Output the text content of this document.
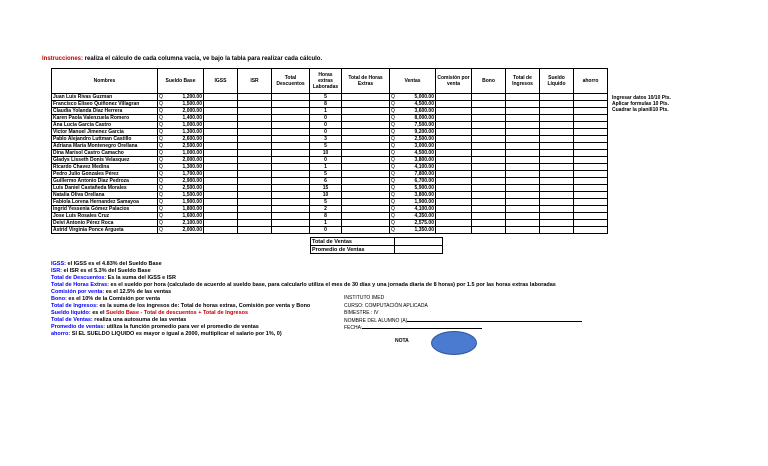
Instrucciones: realiza el cálculo de cada columna vacía, ve bajo la tabla para realizar cada cálculo.
Nombres	Sueldo Base	IGSS	ISR	Total Descuentos	Horas extras Laboradas	Total de Horas Extras	Ventas	Comisión por venta	Bono	Total de Ingresos	Sueldo Líquido	ahorro
Juan Luis Rivas Guzman	Q 1,200.00				5		Q 5,000.00					

Francisco Eliseo Quiñonez Villagran	Q 1,500.00				8		Q 4,500.00					

Claudia Yolanda Diaz Herrera	Q 2,000.00				1		Q 3,600.00					

Karen Paola Valenzuela Romero	Q 1,400.00				0		Q 8,000.00					

Ana Lucia García Castro	Q 1,000.00				0		Q 7,500.00					

Victor Manuel Jimenez García	Q 1,300.00				0		Q 9,200.00					

Pablo Alejandro Luttman Castillo	Q 2,600.00				3		Q 2,500.00					

Adriana María Montenegro Orellana	Q 2,500.00				5		Q 3,000.00					

Dina Marisol Castro Camacho	Q 1,000.00				10		Q 4,500.00					

Gladys Lisseth Donis Velasquez	Q 2,000.00				0		Q 3,800.00					

Ricardo Chavez Medina	Q 1,300.00				1		Q 4,100.00					

Pedro Julio Gonzales Pérez	Q 1,700.00				5		Q 7,800.00					

Guillermo Antonio Diaz Pedroza	Q 2,900.00				6		Q 6,700.00					

Luis Daniel Castañeda Morales	Q 2,500.00				15		Q 5,900.00					

Natalia Oliva Orellana	Q 1,500.00				10		Q 3,800.00					

Fabiola Lorena Hernandez Samayoa	Q 1,900.00				5		Q 1,900.00					

Ingrid Yessenia Gómez Palacios	Q 1,800.00				2		Q 4,100.00					

Jose Luis Rosales Cruz	Q 1,600.00				8		Q 4,350.00					

Deivi Antonio Pérez Roca	Q 2,100.00				1		Q 2,575.00					

Astrid Virginia Ponce Argueta	Q 2,000.00				0		Q 1,350.00					

Ingresar datos 10/10 Pts.
Aplicar formulas 10 Pts.
Cuadrar la planill10 Pts.
Total de Ventas	
Promedio de Ventas	
IGSS: el IGSS es el 4.83% del Sueldo Base
ISR: el ISR es el 5.3% del Sueldo Base
Total de Descuentos: Es la suma del IGSS e ISR
Total de Horas Extras: es el sueldo por hora (calculado de acuerdo al sueldo base, para calcularlo utiliza el mes de 30 días y una jornada diaria de 8 horas) por 1.5 por las horas extras laboradas
Comisión por venta: es el 12.5% de las ventas
Bono: es el 10% de la Comisión por venta
Total de Ingresos: es la suma de los ingresos de: Total de horas extras, Comisión por venta y Bono
Sueldo líquido: es el Sueldo Base - Total de descuentos + Total de Ingresos
Total de Ventas: realiza una autosuma de las ventas
Promedio de ventas: utiliza la función promedio para ver el promedio de ventas
ahorro: SI EL SUELDO LIQUIDO es mayor o igual a 2000, multiplicar el salario por 1%, 0)
INSTITUTO IMED
CURSO: COMPUTACIÓN APLICADA
BIMESTRE : IV
NOMBRE DEL ALUMNO (A)
FECHA:
NOTA
